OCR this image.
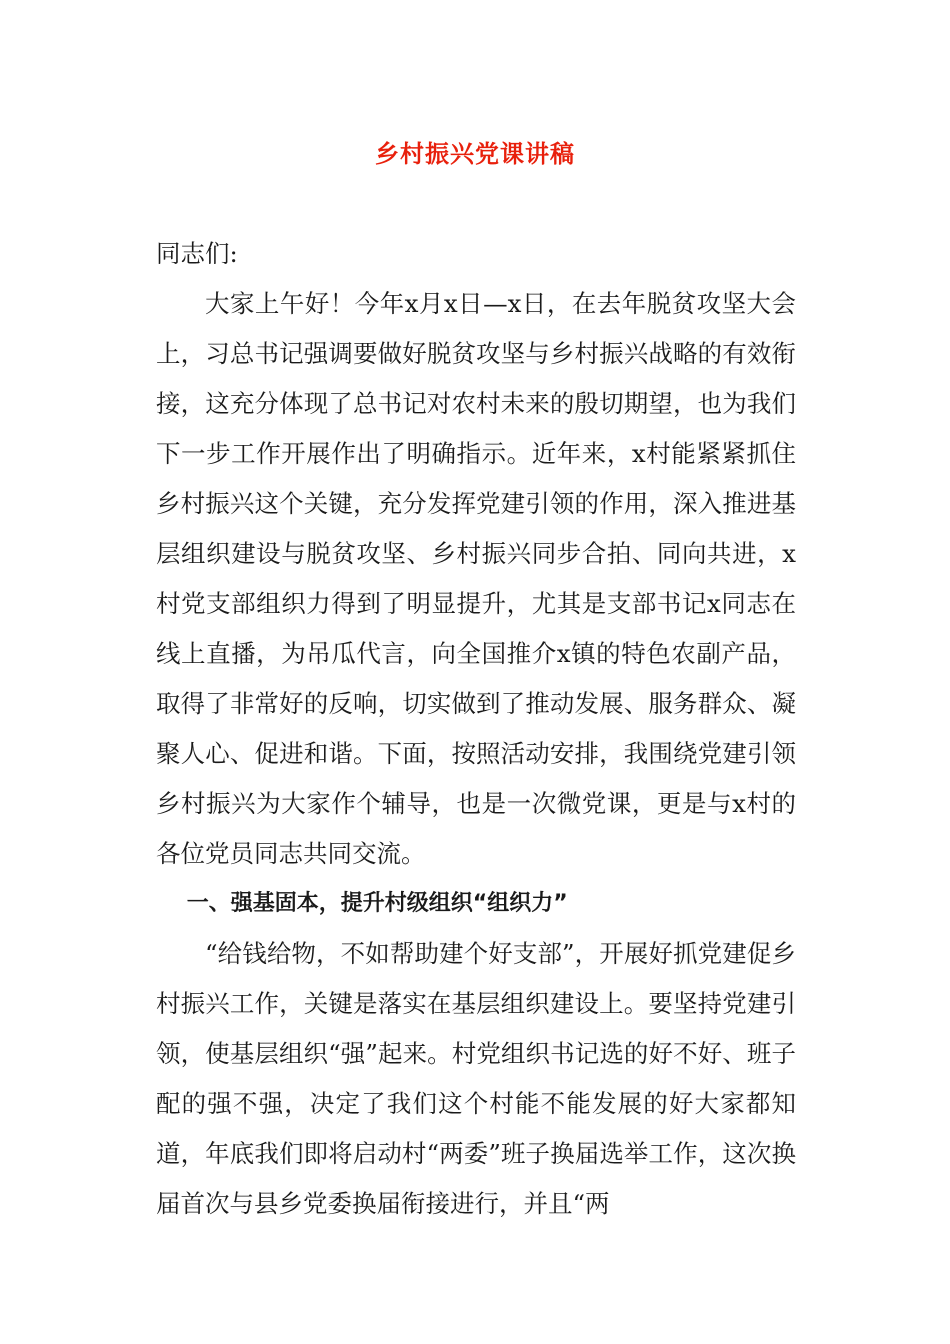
乡村振兴党课讲稿

同志们:

大家上午好！今年x月x日—x日，在去年脱贫攻坚大会上，习总书记强调要做好脱贫攻坚与乡村振兴战略的有效衔接，这充分体现了总书记对农村未来的殷切期望，也为我们下一步工作开展作出了明确指示。近年来，x村能紧紧抓住乡村振兴这个关键，充分发挥党建引领的作用，深入推进基层组织建设与脱贫攻坚、乡村振兴同步合拍、同向共进，x村党支部组织力得到了明显提升，尤其是支部书记x同志在线上直播，为吊瓜代言，向全国推介x镇的特色农副产品，取得了非常好的反响，切实做到了推动发展、服务群众、凝聚人心、促进和谐。下面，按照活动安排，我围绕党建引领乡村振兴为大家作个辅导，也是一次微党课，更是与x村的各位党员同志共同交流。

一、强基固本，提升村级组织“组织力”

“给钱给物，不如帮助建个好支部”，开展好抓党建促乡村振兴工作，关键是落实在基层组织建设上。要坚持党建引领，使基层组织“强”起来。村党组织书记选的好不好、班子配的强不强，决定了我们这个村能不能发展的好大家都知道，年底我们即将启动村“两委”班子换届选举工作，这次换届首次与县乡党委换届衔接进行，并且“两
